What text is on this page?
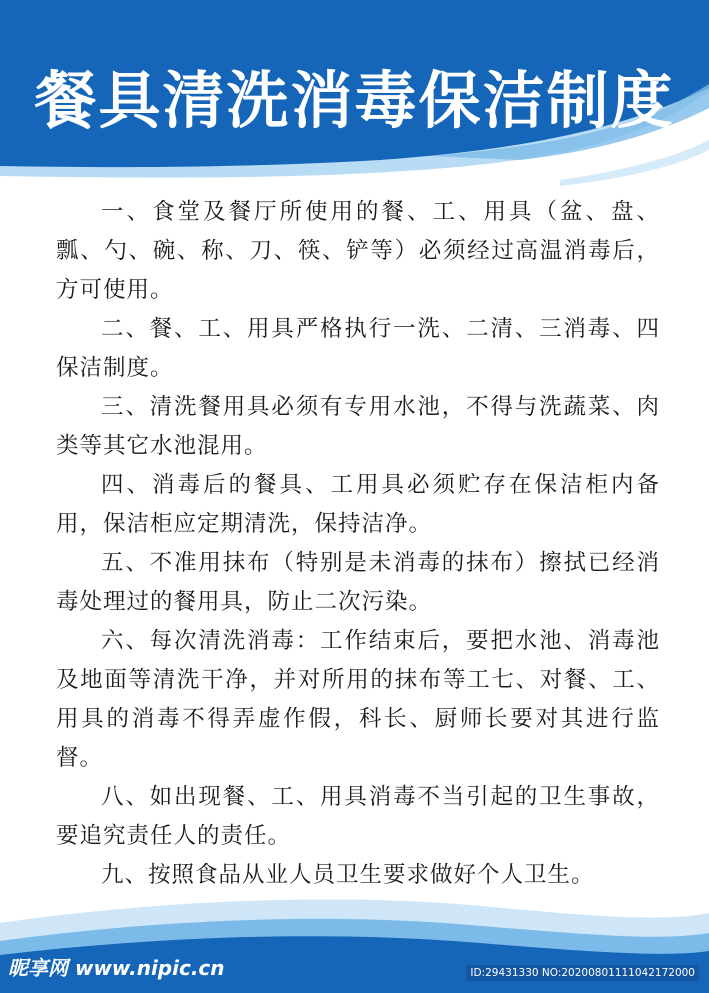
餐具清洗消毒保洁制度

一、食堂及餐厅所使用的餐、工、用具（盆、盘、瓢、勺、碗、称、刀、筷、铲等）必须经过高温消毒后，方可使用。

二、餐、工、用具严格执行一洗、二清、三消毒、四保洁制度。

三、清洗餐用具必须有专用水池，不得与洗蔬菜、肉类等其它水池混用。

四、消毒后的餐具、工用具必须贮存在保洁柜内备用，保洁柜应定期清洗，保持洁净。

五、不准用抹布（特别是未消毒的抹布）擦拭已经消毒处理过的餐用具，防止二次污染。

六、每次清洗消毒：工作结束后，要把水池、消毒池及地面等清洗干净，并对所用的抹布等工七、对餐、工、用具的消毒不得弄虚作假，科长、厨师长要对其进行监督。

八、如出现餐、工、用具消毒不当引起的卫生事故，要追究责任人的责任。

九、按照食品从业人员卫生要求做好个人卫生。

昵享网 www.nipic.cn	ID:29431330 NO:20200801111042172000
